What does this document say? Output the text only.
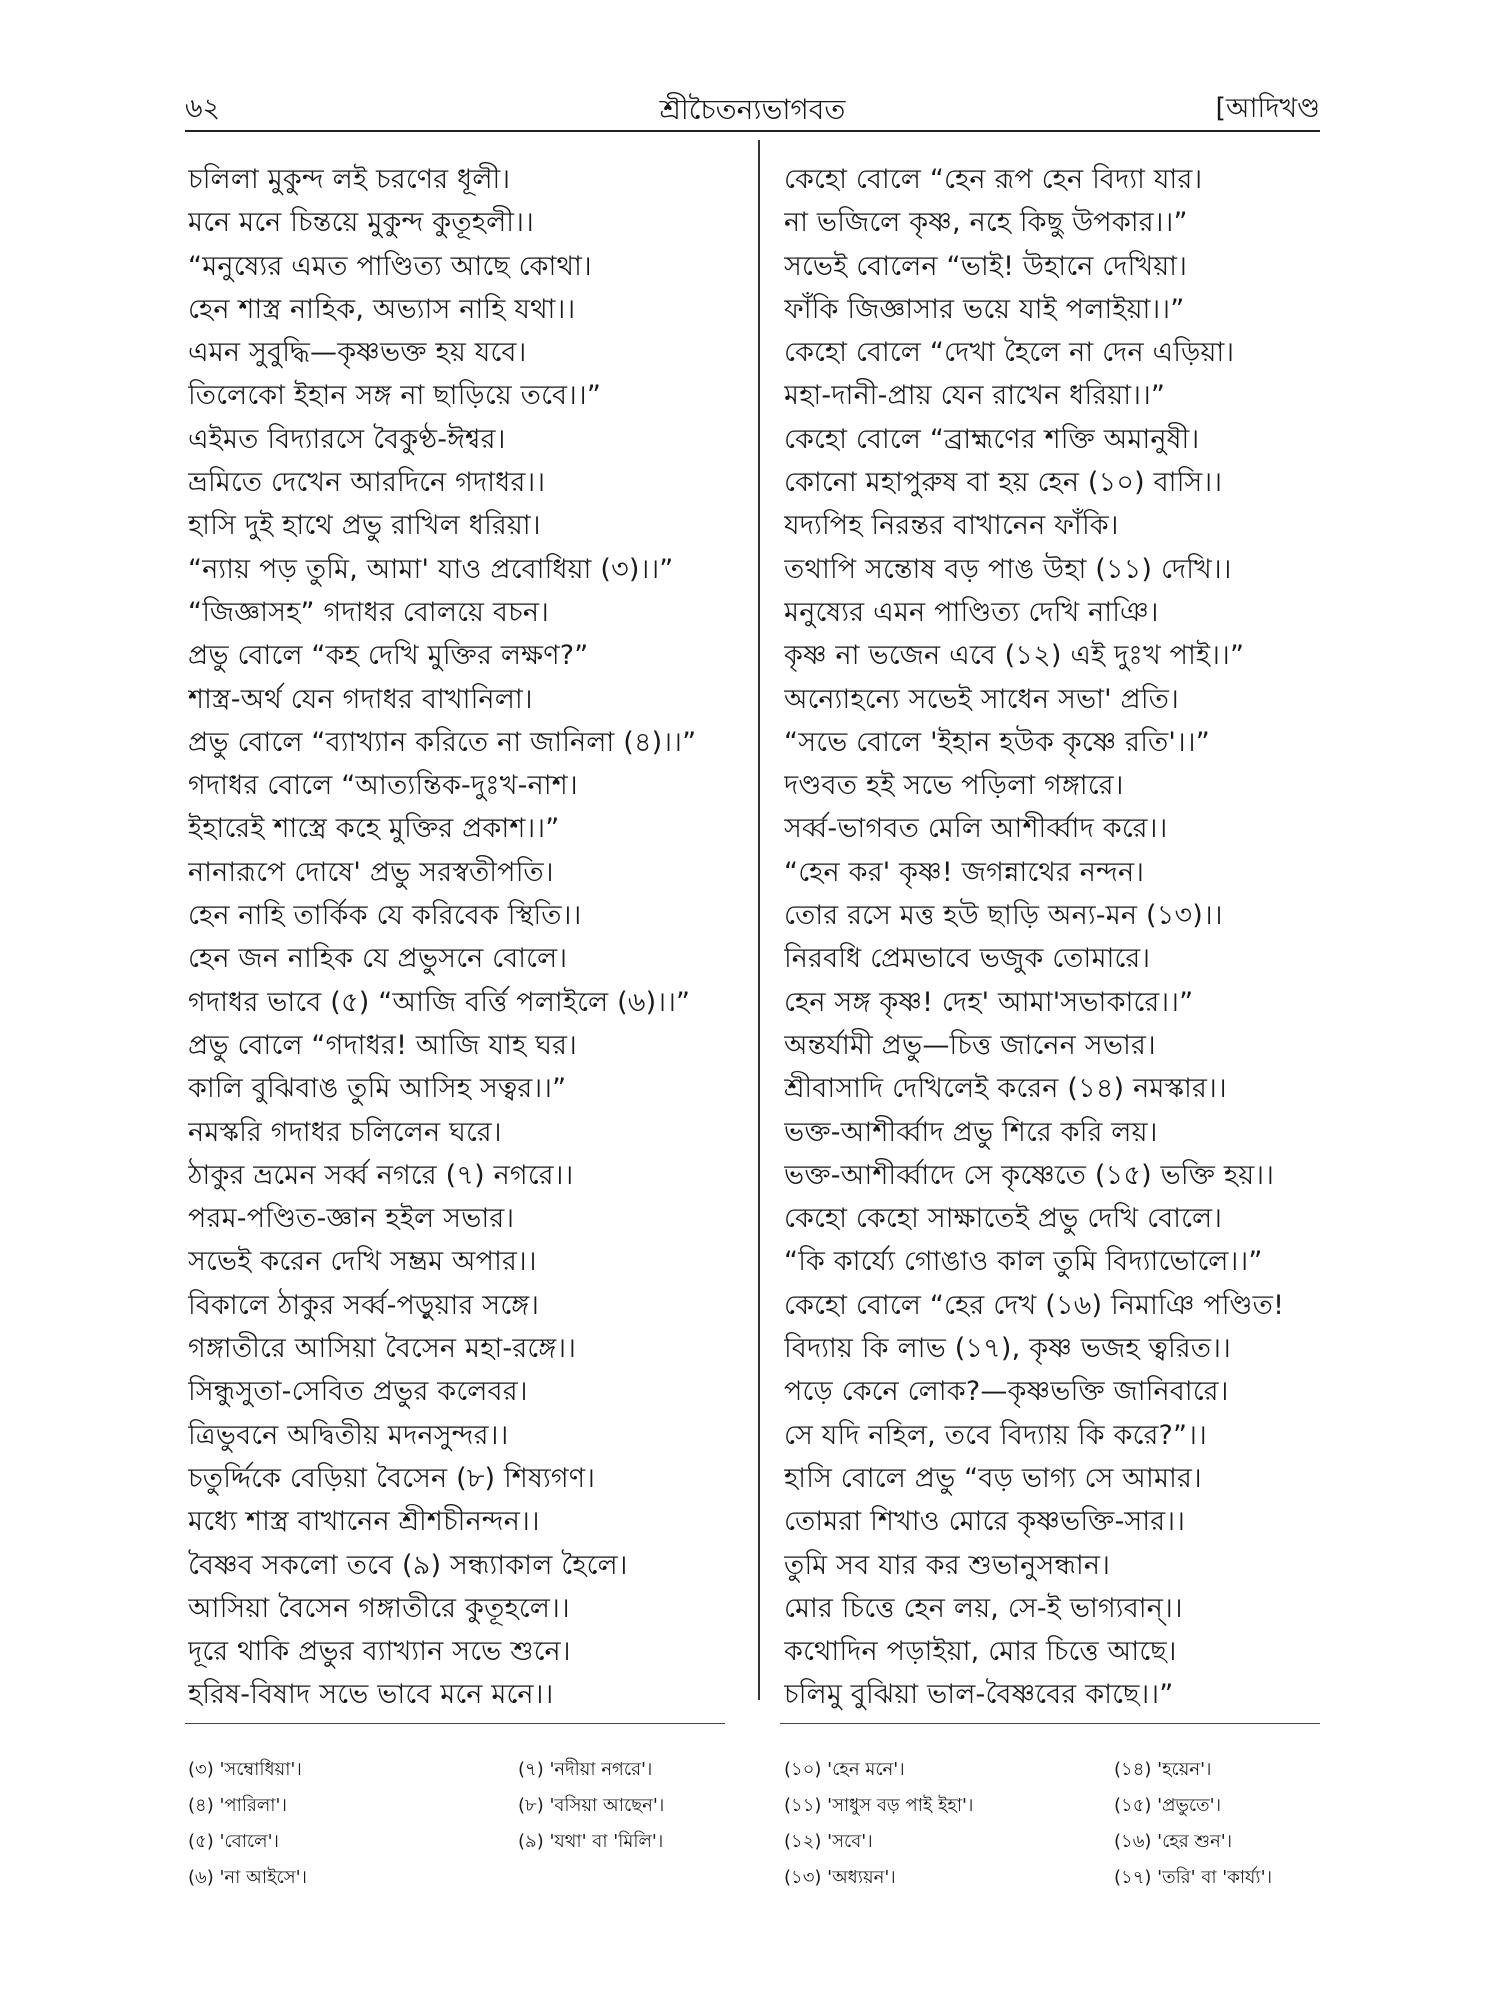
৬২	শ্রীচৈতন্যভাগবত	[আদিখণ্ড
চলিলা মুকুন্দ লই চরণের ধূলী।
মনে মনে চিন্তয়ে মুকুন্দ কুতূহলী।।
“মনুষ্যের এমত পাণ্ডিত্য আছে কোথা।
হেন শাস্ত্র নাহিক, অভ্যাস নাহি যথা।।
এমন সুবুদ্ধি—কৃষ্ণভক্ত হয় যবে।
তিলেকো ইহান সঙ্গ না ছাড়িয়ে তবে।।”
এইমত বিদ্যারসে বৈকুণ্ঠ-ঈশ্বর।
ভ্রমিতে দেখেন আরদিনে গদাধর।।
হাসি দুই হাথে প্রভু রাখিল ধরিয়া।
“ন্যায় পড় তুমি, আমা' যাও প্রবোধিয়া (৩)।।”
“জিজ্ঞাসহ” গদাধর বোলয়ে বচন।
প্রভু বোলে “কহ দেখি মুক্তির লক্ষণ?”
শাস্ত্র-অর্থ যেন গদাধর বাখানিলা।
প্রভু বোলে “ব্যাখ্যান করিতে না জানিলা (৪)।।”
গদাধর বোলে “আত্যন্তিক-দুঃখ-নাশ।
ইহারেই শাস্ত্রে কহে মুক্তির প্রকাশ।।”
নানারূপে দোষে' প্রভু সরস্বতীপতি।
হেন নাহি তার্কিক যে করিবেক স্থিতি।।
হেন জন নাহিক যে প্রভুসনে বোলে।
গদাধর ভাবে (৫) “আজি বর্ত্তি পলাইলে (৬)।।”
প্রভু বোলে “গদাধর! আজি যাহ ঘর।
কালি বুঝিবাঙ তুমি আসিহ সত্বর।।”
নমস্করি গদাধর চলিলেন ঘরে।
ঠাকুর ভ্রমেন সর্ব্ব নগরে (৭) নগরে।।
পরম-পণ্ডিত-জ্ঞান হইল সভার।
সভেই করেন দেখি সম্ভ্রম অপার।।
বিকালে ঠাকুর সর্ব্ব-পড়ুয়ার সঙ্গে।
গঙ্গাতীরে আসিয়া বৈসেন মহা-রঙ্গে।।
সিন্ধুসুতা-সেবিত প্রভুর কলেবর।
ত্রিভুবনে অদ্বিতীয় মদনসুন্দর।।
চতুর্দ্দিকে বেড়িয়া বৈসেন (৮) শিষ্যগণ।
মধ্যে শাস্ত্র বাখানেন শ্রীশচীনন্দন।।
বৈষ্ণব সকলো তবে (৯) সন্ধ্যাকাল হৈলে।
আসিয়া বৈসেন গঙ্গাতীরে কুতূহলে।।
দূরে থাকি প্রভুর ব্যাখ্যান সভে শুনে।
হরিষ-বিষাদ সভে ভাবে মনে মনে।।
কেহো বোলে “হেন রূপ হেন বিদ্যা যার।
না ভজিলে কৃষ্ণ, নহে কিছু উপকার।।”
সভেই বোলেন “ভাই! উহানে দেখিয়া।
ফাঁকি জিজ্ঞাসার ভয়ে যাই পলাইয়া।।”
কেহো বোলে “দেখা হৈলে না দেন এড়িয়া।
মহা-দানী-প্রায় যেন রাখেন ধরিয়া।।”
কেহো বোলে “ব্রাহ্মণের শক্তি অমানুষী।
কোনো মহাপুরুষ বা হয় হেন (১০) বাসি।।
যদ্যপিহ নিরন্তর বাখানেন ফাঁকি।
তথাপি সন্তোষ বড় পাঙ উহা (১১) দেখি।।
মনুষ্যের এমন পাণ্ডিত্য দেখি নাঞি।
কৃষ্ণ না ভজেন এবে (১২) এই দুঃখ পাই।।”
অন্যোহন্যে সভেই সাধেন সভা' প্রতি।
“সভে বোলে 'ইহান হউক কৃষ্ণে রতি'।।”
দণ্ডবত হই সভে পড়িলা গঙ্গারে।
সর্ব্ব-ভাগবত মেলি আশীর্ব্বাদ করে।।
“হেন কর' কৃষ্ণ! জগন্নাথের নন্দন।
তোর রসে মত্ত হউ ছাড়ি অন্য-মন (১৩)।।
নিরবধি প্রেমভাবে ভজুক তোমারে।
হেন সঙ্গ কৃষ্ণ! দেহ' আমা'সভাকারে।।”
অন্তর্যামী প্রভু—চিত্ত জানেন সভার।
শ্রীবাসাদি দেখিলেই করেন (১৪) নমস্কার।।
ভক্ত-আশীর্ব্বাদ প্রভু শিরে করি লয়।
ভক্ত-আশীর্ব্বাদে সে কৃষ্ণেতে (১৫) ভক্তি হয়।।
কেহো কেহো সাক্ষাতেই প্রভু দেখি বোলে।
“কি কার্য্যে গোঙাও কাল তুমি বিদ্যাভোলে।।”
কেহো বোলে “হের দেখ (১৬) নিমাঞি পণ্ডিত!
বিদ্যায় কি লাভ (১৭), কৃষ্ণ ভজহ ত্বরিত।।
পড়ে কেনে লোক?—কৃষ্ণভক্তি জানিবারে।
সে যদি নহিল, তবে বিদ্যায় কি করে?”।।
হাসি বোলে প্রভু “বড় ভাগ্য সে আমার।
তোমরা শিখাও মোরে কৃষ্ণভক্তি-সার।।
তুমি সব যার কর শুভানুসন্ধান।
মোর চিত্তে হেন লয়, সে-ই ভাগ্যবান্।।
কথোদিন পড়াইয়া, মোর চিত্তে আছে।
চলিমু বুঝিয়া ভাল-বৈষ্ণবের কাছে।।”
(৩) 'সম্বোধিয়া'।
(৪) 'পারিলা'।
(৫) 'বোলে'।
(৬) 'না আইসে'।
(৭) 'নদীয়া নগরে'।
(৮) 'বসিয়া আছেন'।
(৯) 'যথা' বা 'মিলি'।
(১০) 'হেন মনে'।
(১১) 'সাধুস বড় পাই ইহা'।
(১২) 'সবে'।
(১৩) 'অধ্যয়ন'।
(১৪) 'হয়েন'।
(১৫) 'প্রভুতে'।
(১৬) 'হের শুন'।
(১৭) 'তরি' বা 'কার্য্য'।
